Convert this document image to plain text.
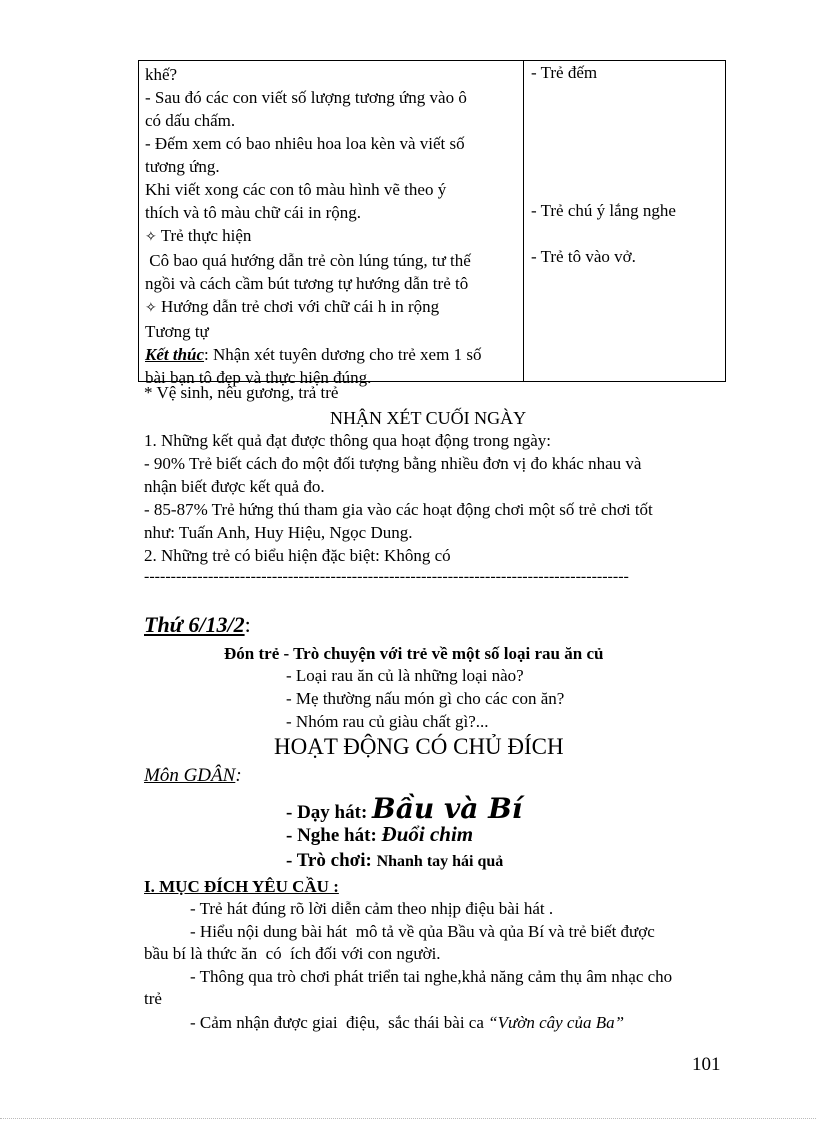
khế?
- Sau đó các con viết số lượng tương ứng vào ô
có dấu chấm.
- Đếm xem có bao nhiêu hoa loa kèn và viết số
tương ứng.
Khi viết xong các con tô màu hình vẽ theo ý
thích và tô màu chữ cái in rộng.
✧ Trẻ thực hiện
Cô bao quá hướng dẫn trẻ còn lúng túng, tư thế
ngồi và cách cầm bút tương tự hướng dẫn trẻ tô
✧ Hướng dẫn trẻ chơi với chữ cái h in rộng
Tương tự
Kết thúc: Nhận xét tuyên dương cho trẻ xem 1 số
bài bạn tô đẹp và thực hiện đúng.
- Trẻ đếm
- Trẻ chú ý lắng nghe
- Trẻ tô vào vở.
* Vệ sinh, nêu gương, trả trẻ
NHẬN XÉT CUỐI NGÀY
1. Những kết quả đạt được thông qua hoạt động trong ngày:
- 90% Trẻ biết cách đo một đối tượng bằng nhiều đơn vị đo khác nhau và
nhận biết được kết quả đo.
- 85-87% Trẻ hứng thú tham gia vào các hoạt động chơi một số trẻ chơi tốt
như: Tuấn Anh, Huy Hiệu, Ngọc Dung.
2. Những trẻ có biểu hiện đặc biệt: Không có
-------------------------------------------------------------------------------------------
Thứ 6/13/2:
Đón trẻ - Trò chuyện với trẻ về một số loại rau ăn củ
- Loại rau ăn củ là những loại nào?
- Mẹ thường nấu món gì cho các con ăn?
- Nhóm rau củ giàu chất gì?...
HOẠT ĐỘNG CÓ CHỦ ĐÍCH
Môn GDÂN:
- Dạy hát: Bầu và Bí
- Nghe hát: Đuổi chim
- Trò chơi: Nhanh tay hái quả
I. MỤC ĐÍCH YÊU CẦU :
- Trẻ hát đúng rõ lời diễn cảm theo nhịp điệu bài hát .
- Hiểu nội dung bài hát  mô tả về qủa Bầu và qủa Bí và trẻ biết được
bầu bí là thức ăn  có  ích đối với con người.
- Thông qua trò chơi phát triển tai nghe,khả năng cảm thụ âm nhạc cho
trẻ
- Cảm nhận được giai  điệu,  sắc thái bài ca “Vườn cây của Ba”
101
